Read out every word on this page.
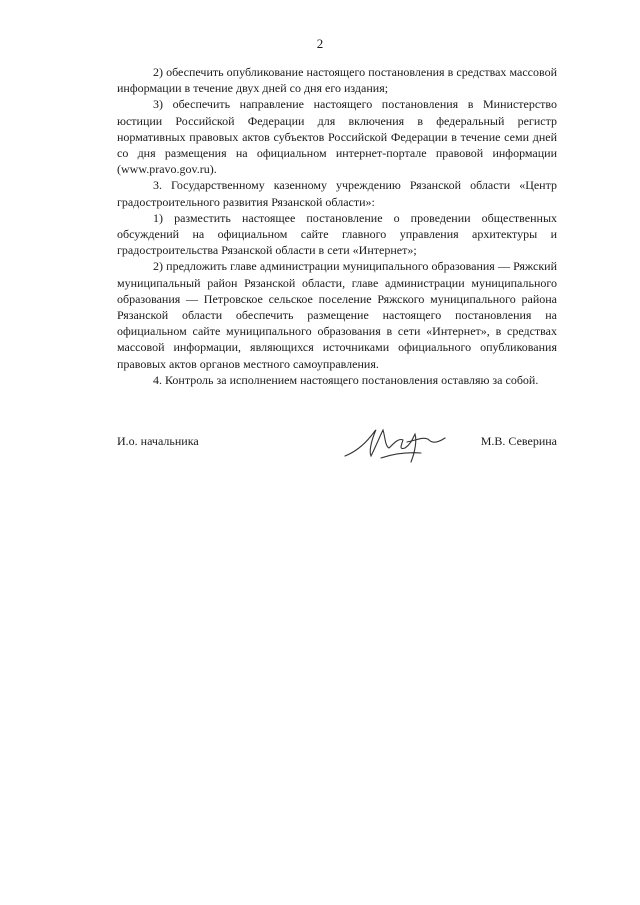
2

2) обеспечить опубликование настоящего постановления в средствах массовой информации в течение двух дней со дня его издания;

3) обеспечить направление настоящего постановления в Министерство юстиции Российской Федерации для включения в федеральный регистр нормативных правовых актов субъектов Российской Федерации в течение семи дней со дня размещения на официальном интернет-портале правовой информации (www.pravo.gov.ru).

3. Государственному казенному учреждению Рязанской области «Центр градостроительного развития Рязанской области»:

1) разместить настоящее постановление о проведении общественных обсуждений на официальном сайте главного управления архитектуры и градостроительства Рязанской области в сети «Интернет»;

2) предложить главе администрации муниципального образования — Ряжский муниципальный район Рязанской области, главе администрации муниципального образования — Петровское сельское поселение Ряжского муниципального района Рязанской области обеспечить размещение настоящего постановления на официальном сайте муниципального образования в сети «Интернет», в средствах массовой информации, являющихся источниками официального опубликования правовых актов органов местного самоуправления.

4. Контроль за исполнением настоящего постановления оставляю за собой.

И.о. начальника	М.В. Северина
